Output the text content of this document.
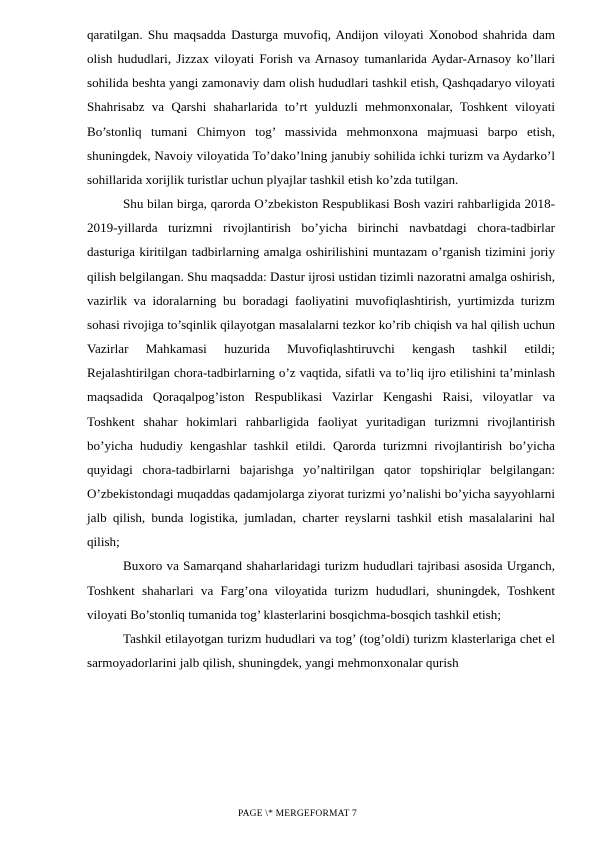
qaratilgan. Shu maqsadda Dasturga muvofiq, Andijon viloyati Xonobod shahrida dam olish hududlari, Jizzax viloyati Forish va Arnasoy tumanlarida Aydar-Arnasoy ko’llari sohilida beshta yangi zamonaviy dam olish hududlari tashkil etish, Qashqadaryo viloyati Shahrisabz va Qarshi shaharlarida to’rt yulduzli mehmonxonalar, Toshkent viloyati Bo’stonliq tumani Chimyon tog’ massivida mehmonxona majmuasi barpo etish, shuningdek, Navoiy viloyatida To’dako’lning janubiy sohilida ichki turizm va Aydarko’l sohillarida xorijlik turistlar uchun plyajlar tashkil etish ko’zda tutilgan.

Shu bilan birga, qarorda O’zbekiston Respublikasi Bosh vaziri rahbarligida 2018-2019-yillarda turizmni rivojlantirish bo’yicha birinchi navbatdagi chora-tadbirlar dasturiga kiritilgan tadbirlarning amalga oshirilishini muntazam o’rganish tizimini joriy qilish belgilangan. Shu maqsadda: Dastur ijrosi ustidan tizimli nazoratni amalga oshirish, vazirlik va idoralarning bu boradagi faoliyatini muvofiqlashtirish, yurtimizda turizm sohasi rivojiga to’sqinlik qilayotgan masalalarni tezkor ko’rib chiqish va hal qilish uchun Vazirlar Mahkamasi huzurida Muvofiqlashtiruvchi kengash tashkil etildi; Rejalashtirilgan chora-tadbirlarning o’z vaqtida, sifatli va to’liq ijro etilishini ta’minlash maqsadida Qoraqalpog’iston Respublikasi Vazirlar Kengashi Raisi, viloyatlar va Toshkent shahar hokimlari rahbarligida faoliyat yuritadigan turizmni rivojlantirish bo’yicha hududiy kengashlar tashkil etildi. Qarorda turizmni rivojlantirish bo’yicha quyidagi chora-tadbirlarni bajarishga yo’naltirilgan qator topshiriqlar belgilangan: O’zbekistondagi muqaddas qadamjolarga ziyorat turizmi yo’nalishi bo’yicha sayyohlarni jalb qilish, bunda logistika, jumladan, charter reyslarni tashkil etish masalalarini hal qilish;

Buxoro va Samarqand shaharlaridagi turizm hududlari tajribasi asosida Urganch, Toshkent shaharlari va Farg’ona viloyatida turizm hududlari, shuningdek, Toshkent viloyati Bo’stonliq tumanida tog’ klasterlarini bosqichma-bosqich tashkil etish;

Tashkil etilayotgan turizm hududlari va tog’ (tog’oldi) turizm klasterlariga chet el sarmoyadorlarini jalb qilish, shuningdek, yangi mehmonxonalar qurish

PAGE \* MERGEFORMAT 7
